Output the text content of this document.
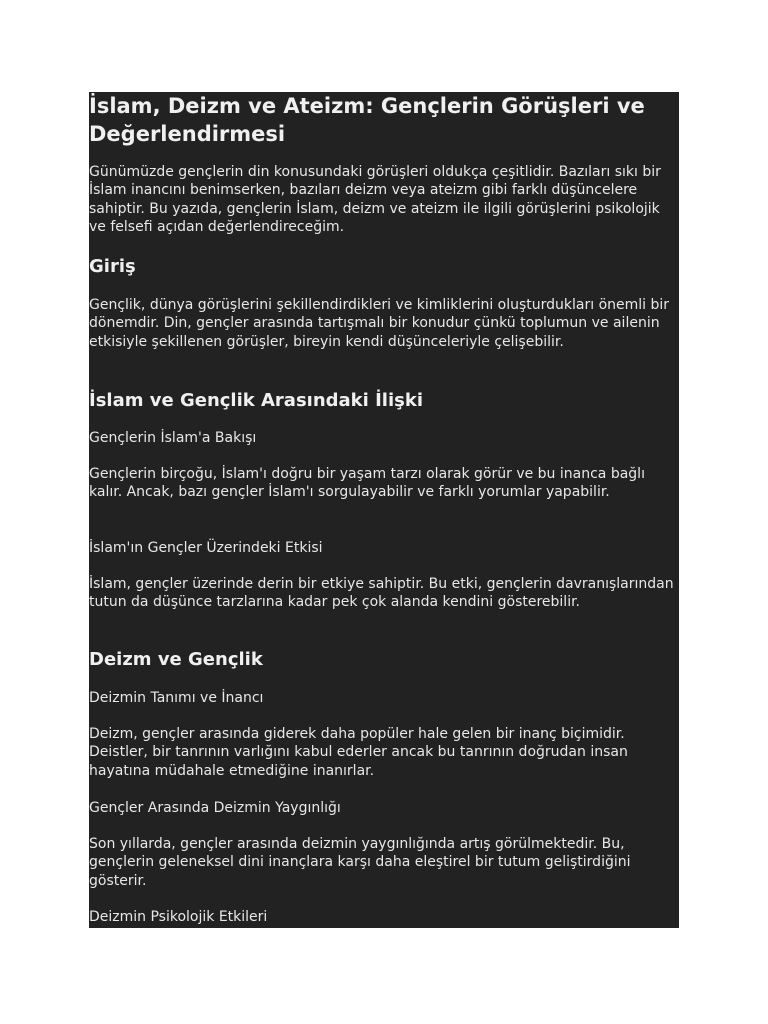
İslam, Deizm ve Ateizm: Gençlerin Görüşleri ve Değerlendirmesi

Günümüzde gençlerin din konusundaki görüşleri oldukça çeşitlidir. Bazıları sıkı bir İslam inancını benimserken, bazıları deizm veya ateizm gibi farklı düşüncelere sahiptir. Bu yazıda, gençlerin İslam, deizm ve ateizm ile ilgili görüşlerini psikolojik ve felsefi açıdan değerlendireceğim.

Giriş

Gençlik, dünya görüşlerini şekillendirdikleri ve kimliklerini oluşturdukları önemli bir dönemdir. Din, gençler arasında tartışmalı bir konudur çünkü toplumun ve ailenin etkisiyle şekillenen görüşler, bireyin kendi düşünceleriyle çelişebilir.

İslam ve Gençlik Arasındaki İlişki

Gençlerin İslam'a Bakışı

Gençlerin birçoğu, İslam'ı doğru bir yaşam tarzı olarak görür ve bu inanca bağlı kalır. Ancak, bazı gençler İslam'ı sorgulayabilir ve farklı yorumlar yapabilir.

İslam'ın Gençler Üzerindeki Etkisi

İslam, gençler üzerinde derin bir etkiye sahiptir. Bu etki, gençlerin davranışlarından tutun da düşünce tarzlarına kadar pek çok alanda kendini gösterebilir.

Deizm ve Gençlik

Deizmin Tanımı ve İnancı

Deizm, gençler arasında giderek daha popüler hale gelen bir inanç biçimidir. Deistler, bir tanrının varlığını kabul ederler ancak bu tanrının doğrudan insan hayatına müdahale etmediğine inanırlar.

Gençler Arasında Deizmin Yaygınlığı

Son yıllarda, gençler arasında deizmin yaygınlığında artış görülmektedir. Bu, gençlerin geleneksel dini inançlara karşı daha eleştirel bir tutum geliştirdiğini gösterir.

Deizmin Psikolojik Etkileri
